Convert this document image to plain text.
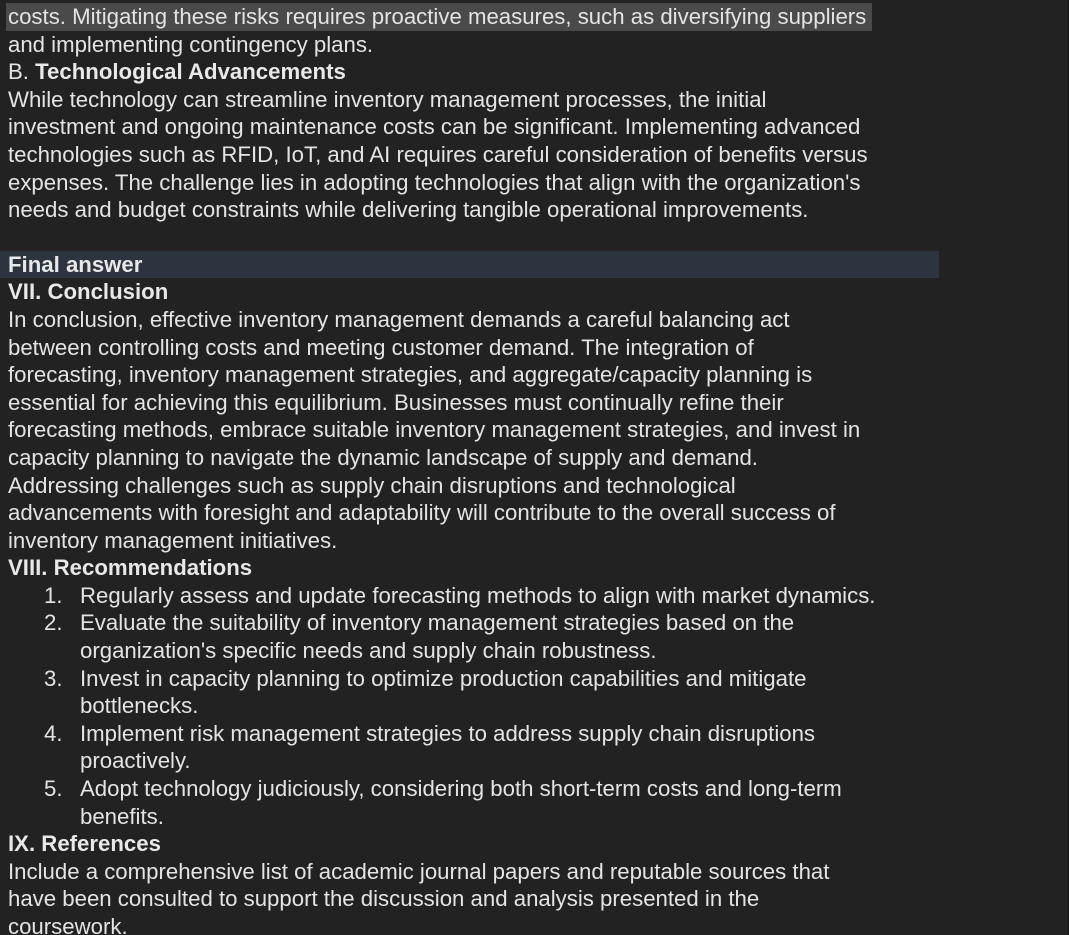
costs. Mitigating these risks requires proactive measures, such as diversifying suppliers
and implementing contingency plans.
B. Technological Advancements
While technology can streamline inventory management processes, the initial
investment and ongoing maintenance costs can be significant. Implementing advanced
technologies such as RFID, IoT, and AI requires careful consideration of benefits versus
expenses. The challenge lies in adopting technologies that align with the organization's
needs and budget constraints while delivering tangible operational improvements.
Final answer
VII. Conclusion
In conclusion, effective inventory management demands a careful balancing act
between controlling costs and meeting customer demand. The integration of
forecasting, inventory management strategies, and aggregate/capacity planning is
essential for achieving this equilibrium. Businesses must continually refine their
forecasting methods, embrace suitable inventory management strategies, and invest in
capacity planning to navigate the dynamic landscape of supply and demand.
Addressing challenges such as supply chain disruptions and technological
advancements with foresight and adaptability will contribute to the overall success of
inventory management initiatives.
VIII. Recommendations
1. Regularly assess and update forecasting methods to align with market dynamics.
2. Evaluate the suitability of inventory management strategies based on the
organization's specific needs and supply chain robustness.
3. Invest in capacity planning to optimize production capabilities and mitigate
bottlenecks.
4. Implement risk management strategies to address supply chain disruptions
proactively.
5. Adopt technology judiciously, considering both short-term costs and long-term
benefits.
IX. References
Include a comprehensive list of academic journal papers and reputable sources that
have been consulted to support the discussion and analysis presented in the
coursework.
